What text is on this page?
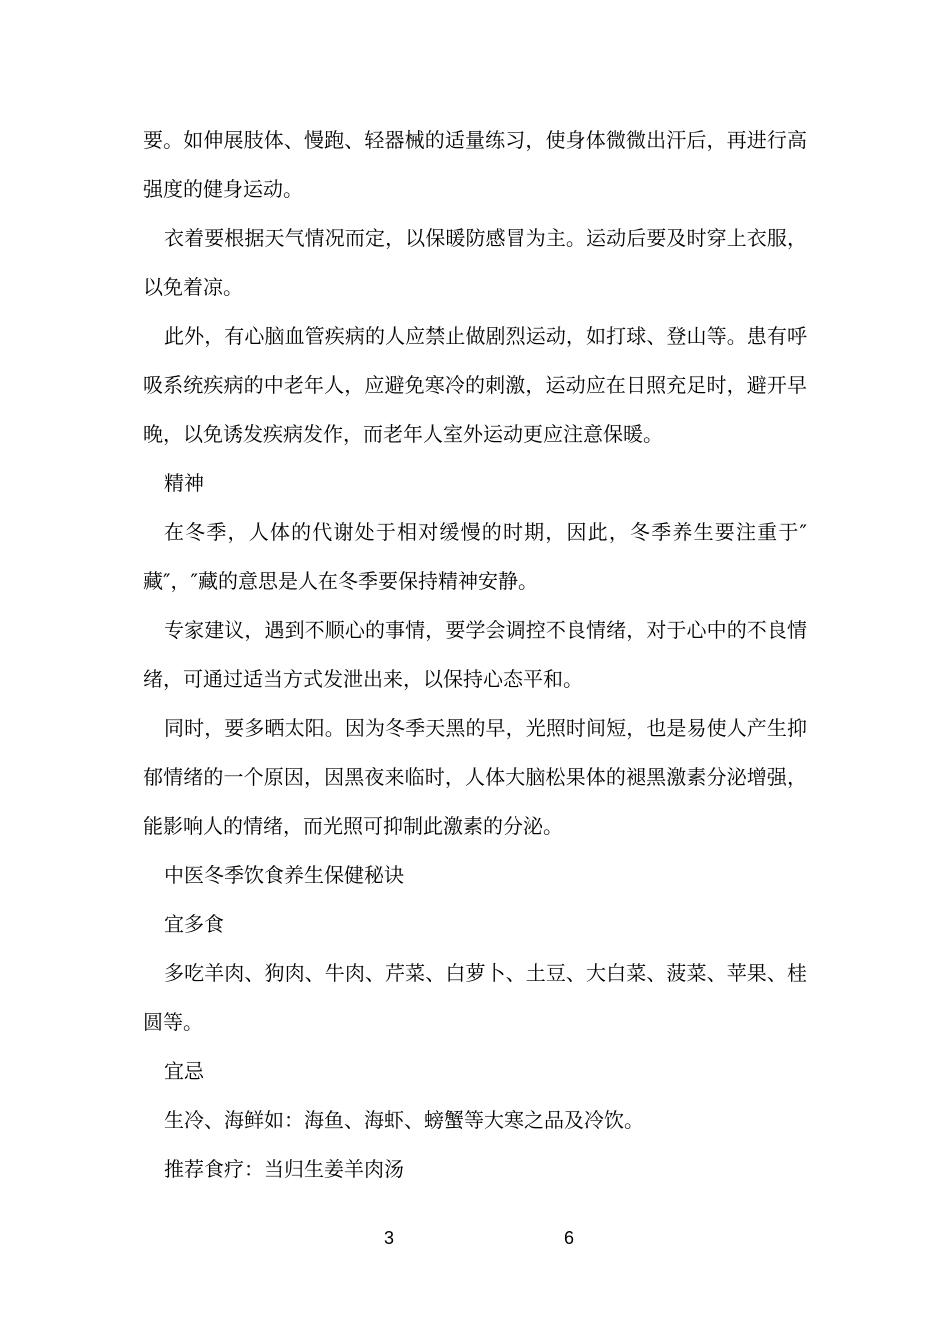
要。如伸展肢体、慢跑、轻器械的适量练习，使身体微微出汗后，再进行高强度的健身运动。

衣着要根据天气情况而定，以保暖防感冒为主。运动后要及时穿上衣服，以免着凉。

此外，有心脑血管疾病的人应禁止做剧烈运动，如打球、登山等。患有呼吸系统疾病的中老年人，应避免寒冷的刺激，运动应在日照充足时，避开早晚，以免诱发疾病发作，而老年人室外运动更应注意保暖。

精神

在冬季，人体的代谢处于相对缓慢的时期，因此，冬季养生要注重于″藏″，″藏的意思是人在冬季要保持精神安静。

专家建议，遇到不顺心的事情，要学会调控不良情绪，对于心中的不良情绪，可通过适当方式发泄出来，以保持心态平和。

同时，要多晒太阳。因为冬季天黑的早，光照时间短，也是易使人产生抑郁情绪的一个原因，因黑夜来临时，人体大脑松果体的褪黑激素分泌增强，能影响人的情绪，而光照可抑制此激素的分泌。

中医冬季饮食养生保健秘诀

宜多食

多吃羊肉、狗肉、牛肉、芹菜、白萝卜、土豆、大白菜、菠菜、苹果、桂圆等。

宜忌

生冷、海鲜如：海鱼、海虾、螃蟹等大寒之品及冷饮。

推荐食疗：当归生姜羊肉汤

3	6
